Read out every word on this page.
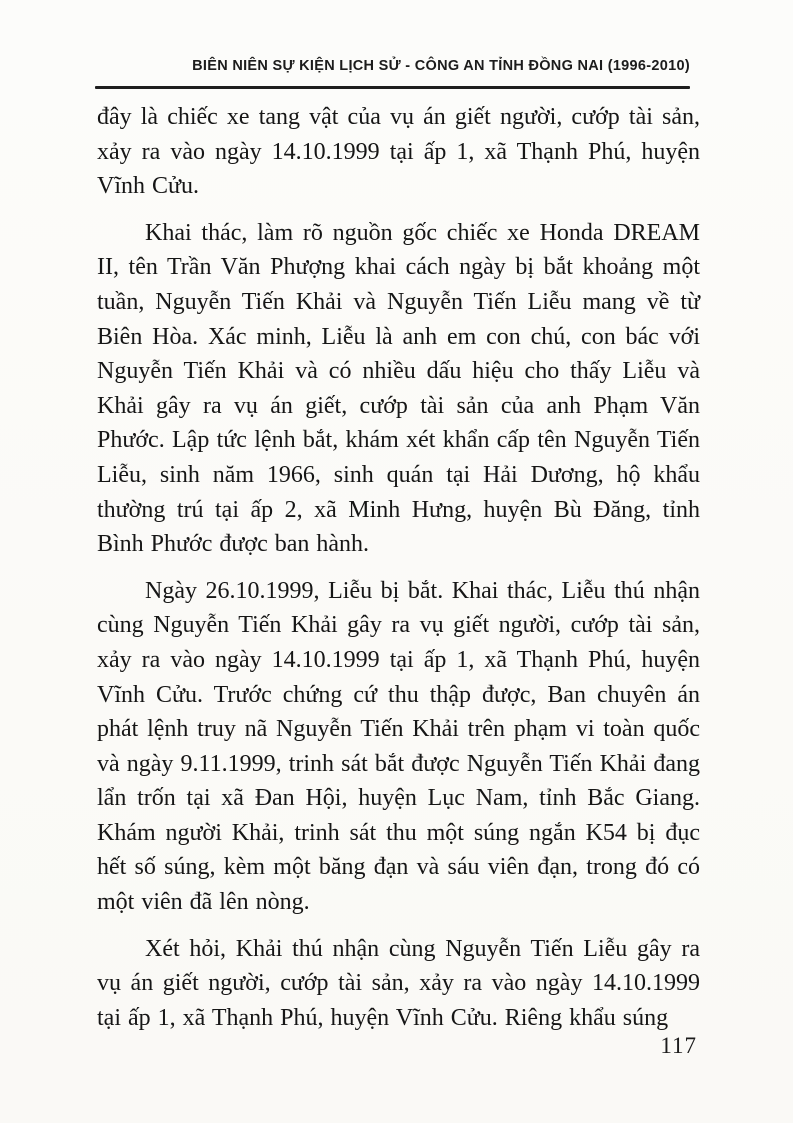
BIÊN NIÊN SỰ KIỆN LỊCH SỬ - CÔNG AN TỈNH ĐỒNG NAI (1996-2010)

đây là chiếc xe tang vật của vụ án giết người, cướp tài sản, xảy ra vào ngày 14.10.1999 tại ấp 1, xã Thạnh Phú, huyện Vĩnh Cửu.

Khai thác, làm rõ nguồn gốc chiếc xe Honda DREAM II, tên Trần Văn Phượng khai cách ngày bị bắt khoảng một tuần, Nguyễn Tiến Khải và Nguyễn Tiến Liễu mang về từ Biên Hòa. Xác minh, Liễu là anh em con chú, con bác với Nguyễn Tiến Khải và có nhiều dấu hiệu cho thấy Liễu và Khải gây ra vụ án giết, cướp tài sản của anh Phạm Văn Phước. Lập tức lệnh bắt, khám xét khẩn cấp tên Nguyễn Tiến Liễu, sinh năm 1966, sinh quán tại Hải Dương, hộ khẩu thường trú tại ấp 2, xã Minh Hưng, huyện Bù Đăng, tỉnh Bình Phước được ban hành.

Ngày 26.10.1999, Liễu bị bắt. Khai thác, Liễu thú nhận cùng Nguyễn Tiến Khải gây ra vụ giết người, cướp tài sản, xảy ra vào ngày 14.10.1999 tại ấp 1, xã Thạnh Phú, huyện Vĩnh Cửu. Trước chứng cứ thu thập được, Ban chuyên án phát lệnh truy nã Nguyễn Tiến Khải trên phạm vi toàn quốc và ngày 9.11.1999, trinh sát bắt được Nguyễn Tiến Khải đang lẩn trốn tại xã Đan Hội, huyện Lục Nam, tỉnh Bắc Giang. Khám người Khải, trinh sát thu một súng ngắn K54 bị đục hết số súng, kèm một băng đạn và sáu viên đạn, trong đó có một viên đã lên nòng.

Xét hỏi, Khải thú nhận cùng Nguyễn Tiến Liễu gây ra vụ án giết người, cướp tài sản, xảy ra vào ngày 14.10.1999 tại ấp 1, xã Thạnh Phú, huyện Vĩnh Cửu. Riêng khẩu súng

117
